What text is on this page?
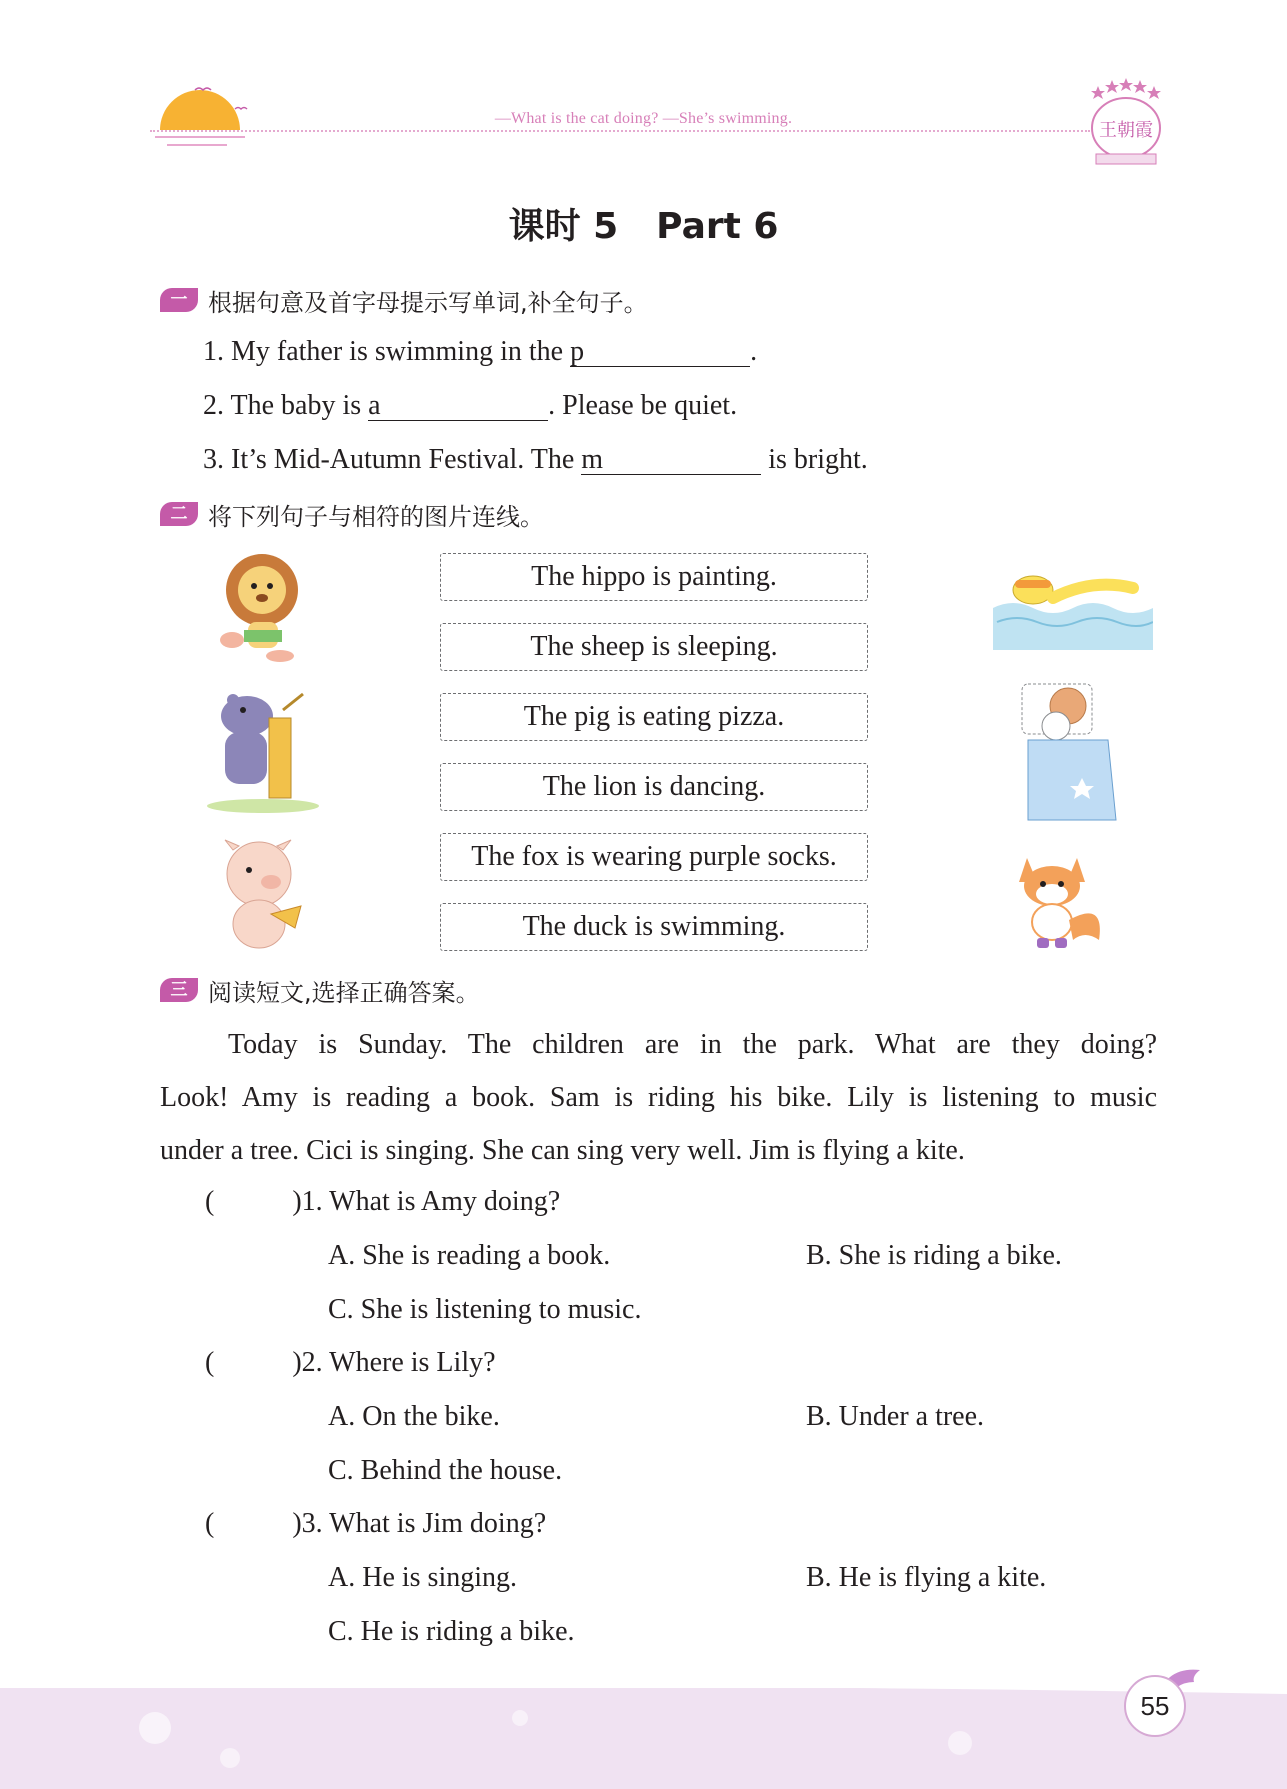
—What is the cat doing? —She’s swimming.
王朝霞
课时 5 Part 6
一 根据句意及首字母提示写单词,补全句子。
1. My father is swimming in the p	.
2. The baby is a	. Please be quiet.
3. It’s Mid-Autumn Festival. The m	is bright.
二 将下列句子与相符的图片连线。
The hippo is painting.
The sheep is sleeping.
The pig is eating pizza.
The lion is dancing.
The fox is wearing purple socks.
The duck is swimming.
三 阅读短文,选择正确答案。
Today is Sunday. The children are in the park. What are they doing?
Look! Amy is reading a book. Sam is riding his bike. Lily is listening to music
under a tree. Cici is singing. She can sing very well. Jim is flying a kite.
(	)1. What is Amy doing?
A. She is reading a book.	B. She is riding a bike.
C. She is listening to music.
(	)2. Where is Lily?
A. On the bike.	B. Under a tree.
C. Behind the house.
(	)3. What is Jim doing?
A. He is singing.	B. He is flying a kite.
C. He is riding a bike.
55
